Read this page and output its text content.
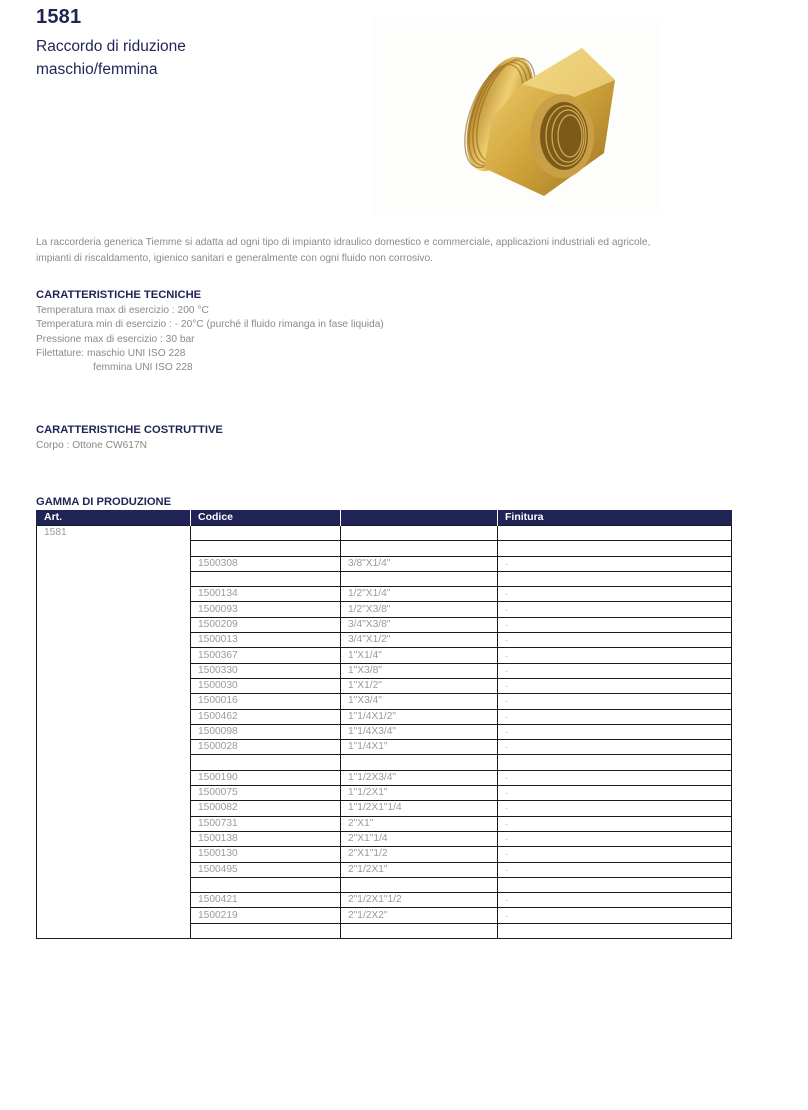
1581
Raccordo di riduzione
maschio/femmina
La raccorderia generica Tiemme si adatta ad ogni tipo di impianto idraulico domestico e commerciale, applicazioni industriali ed agricole,
impianti di riscaldamento, igienico sanitari e generalmente con ogni fluido non corrosivo.
CARATTERISTICHE TECNICHE
Temperatura max di esercizio : 200 °C
Temperatura min di esercizio : - 20°C (purché il fluido rimanga in fase liquida)
Pressione max di esercizio : 30 bar
Filettature: maschio UNI ISO 228
femmina UNI ISO 228
CARATTERISTICHE COSTRUTTIVE
Corpo : Ottone CW617N
GAMMA DI PRODUZIONE
Art.	Codice		Finitura
1581			

	1500308	3/8"X1/4"	-

	1500134	1/2"X1/4"	-
	1500093	1/2"X3/8"	-
	1500209	3/4"X3/8"	-
	1500013	3/4"X1/2"	-
	1500367	1"X1/4"	-
	1500330	1"X3/8"	-
	1500030	1"X1/2"	-
	1500016	1"X3/4"	-
	1500462	1"1/4X1/2"	-
	1500098	1"1/4X3/4"	-
	1500028	1"1/4X1"	-

	1500190	1"1/2X3/4"	-
	1500075	1"1/2X1"	-
	1500082	1"1/2X1"1/4	-
	1500731	2"X1"	-
	1500138	2"X1"1/4	-
	1500130	2"X1"1/2	-
	1500495	2"1/2X1"	-

	1500421	2"1/2X1"1/2	-
	1500219	2"1/2X2"	-
